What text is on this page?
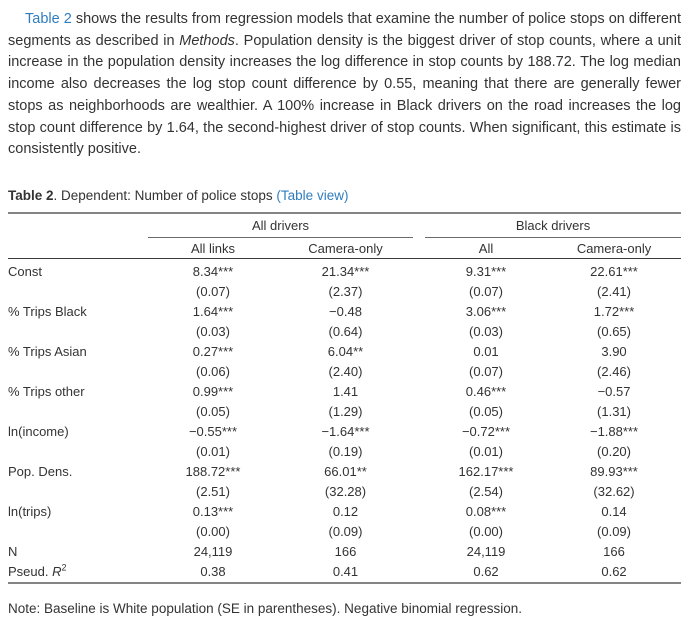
Table 2 shows the results from regression models that examine the number of police stops on different segments as described in Methods. Population density is the biggest driver of stop counts, where a unit increase in the population density increases the log difference in stop counts by 188.72. The log median income also decreases the log stop count difference by 0.55, meaning that there are generally fewer stops as neighborhoods are wealthier. A 100% increase in Black drivers on the road increases the log stop count difference by 1.64, the second-highest driver of stop counts. When significant, this estimate is consistently positive.

Table 2. Dependent: Number of police stops (Table view)

	All drivers			Black drivers	
	All links	Camera-only		All	Camera-only
Const	8.34***	21.34***		9.31***	22.61***
	(0.07)	(2.37)		(0.07)	(2.41)
% Trips Black	1.64***	−0.48		3.06***	1.72***
	(0.03)	(0.64)		(0.03)	(0.65)
% Trips Asian	0.27***	6.04**		0.01	3.90
	(0.06)	(2.40)		(0.07)	(2.46)
% Trips other	0.99***	1.41		0.46***	−0.57
	(0.05)	(1.29)		(0.05)	(1.31)
ln(income)	−0.55***	−1.64***		−0.72***	−1.88***
	(0.01)	(0.19)		(0.01)	(0.20)
Pop. Dens.	188.72***	66.01**		162.17***	89.93***
	(2.51)	(32.28)		(2.54)	(32.62)
ln(trips)	0.13***	0.12		0.08***	0.14
	(0.00)	(0.09)		(0.00)	(0.09)
N	24,119	166		24,119	166
Pseud. $R^2$	0.38	0.41		0.62	0.62

Note: Baseline is White population (SE in parentheses). Negative binomial regression.
